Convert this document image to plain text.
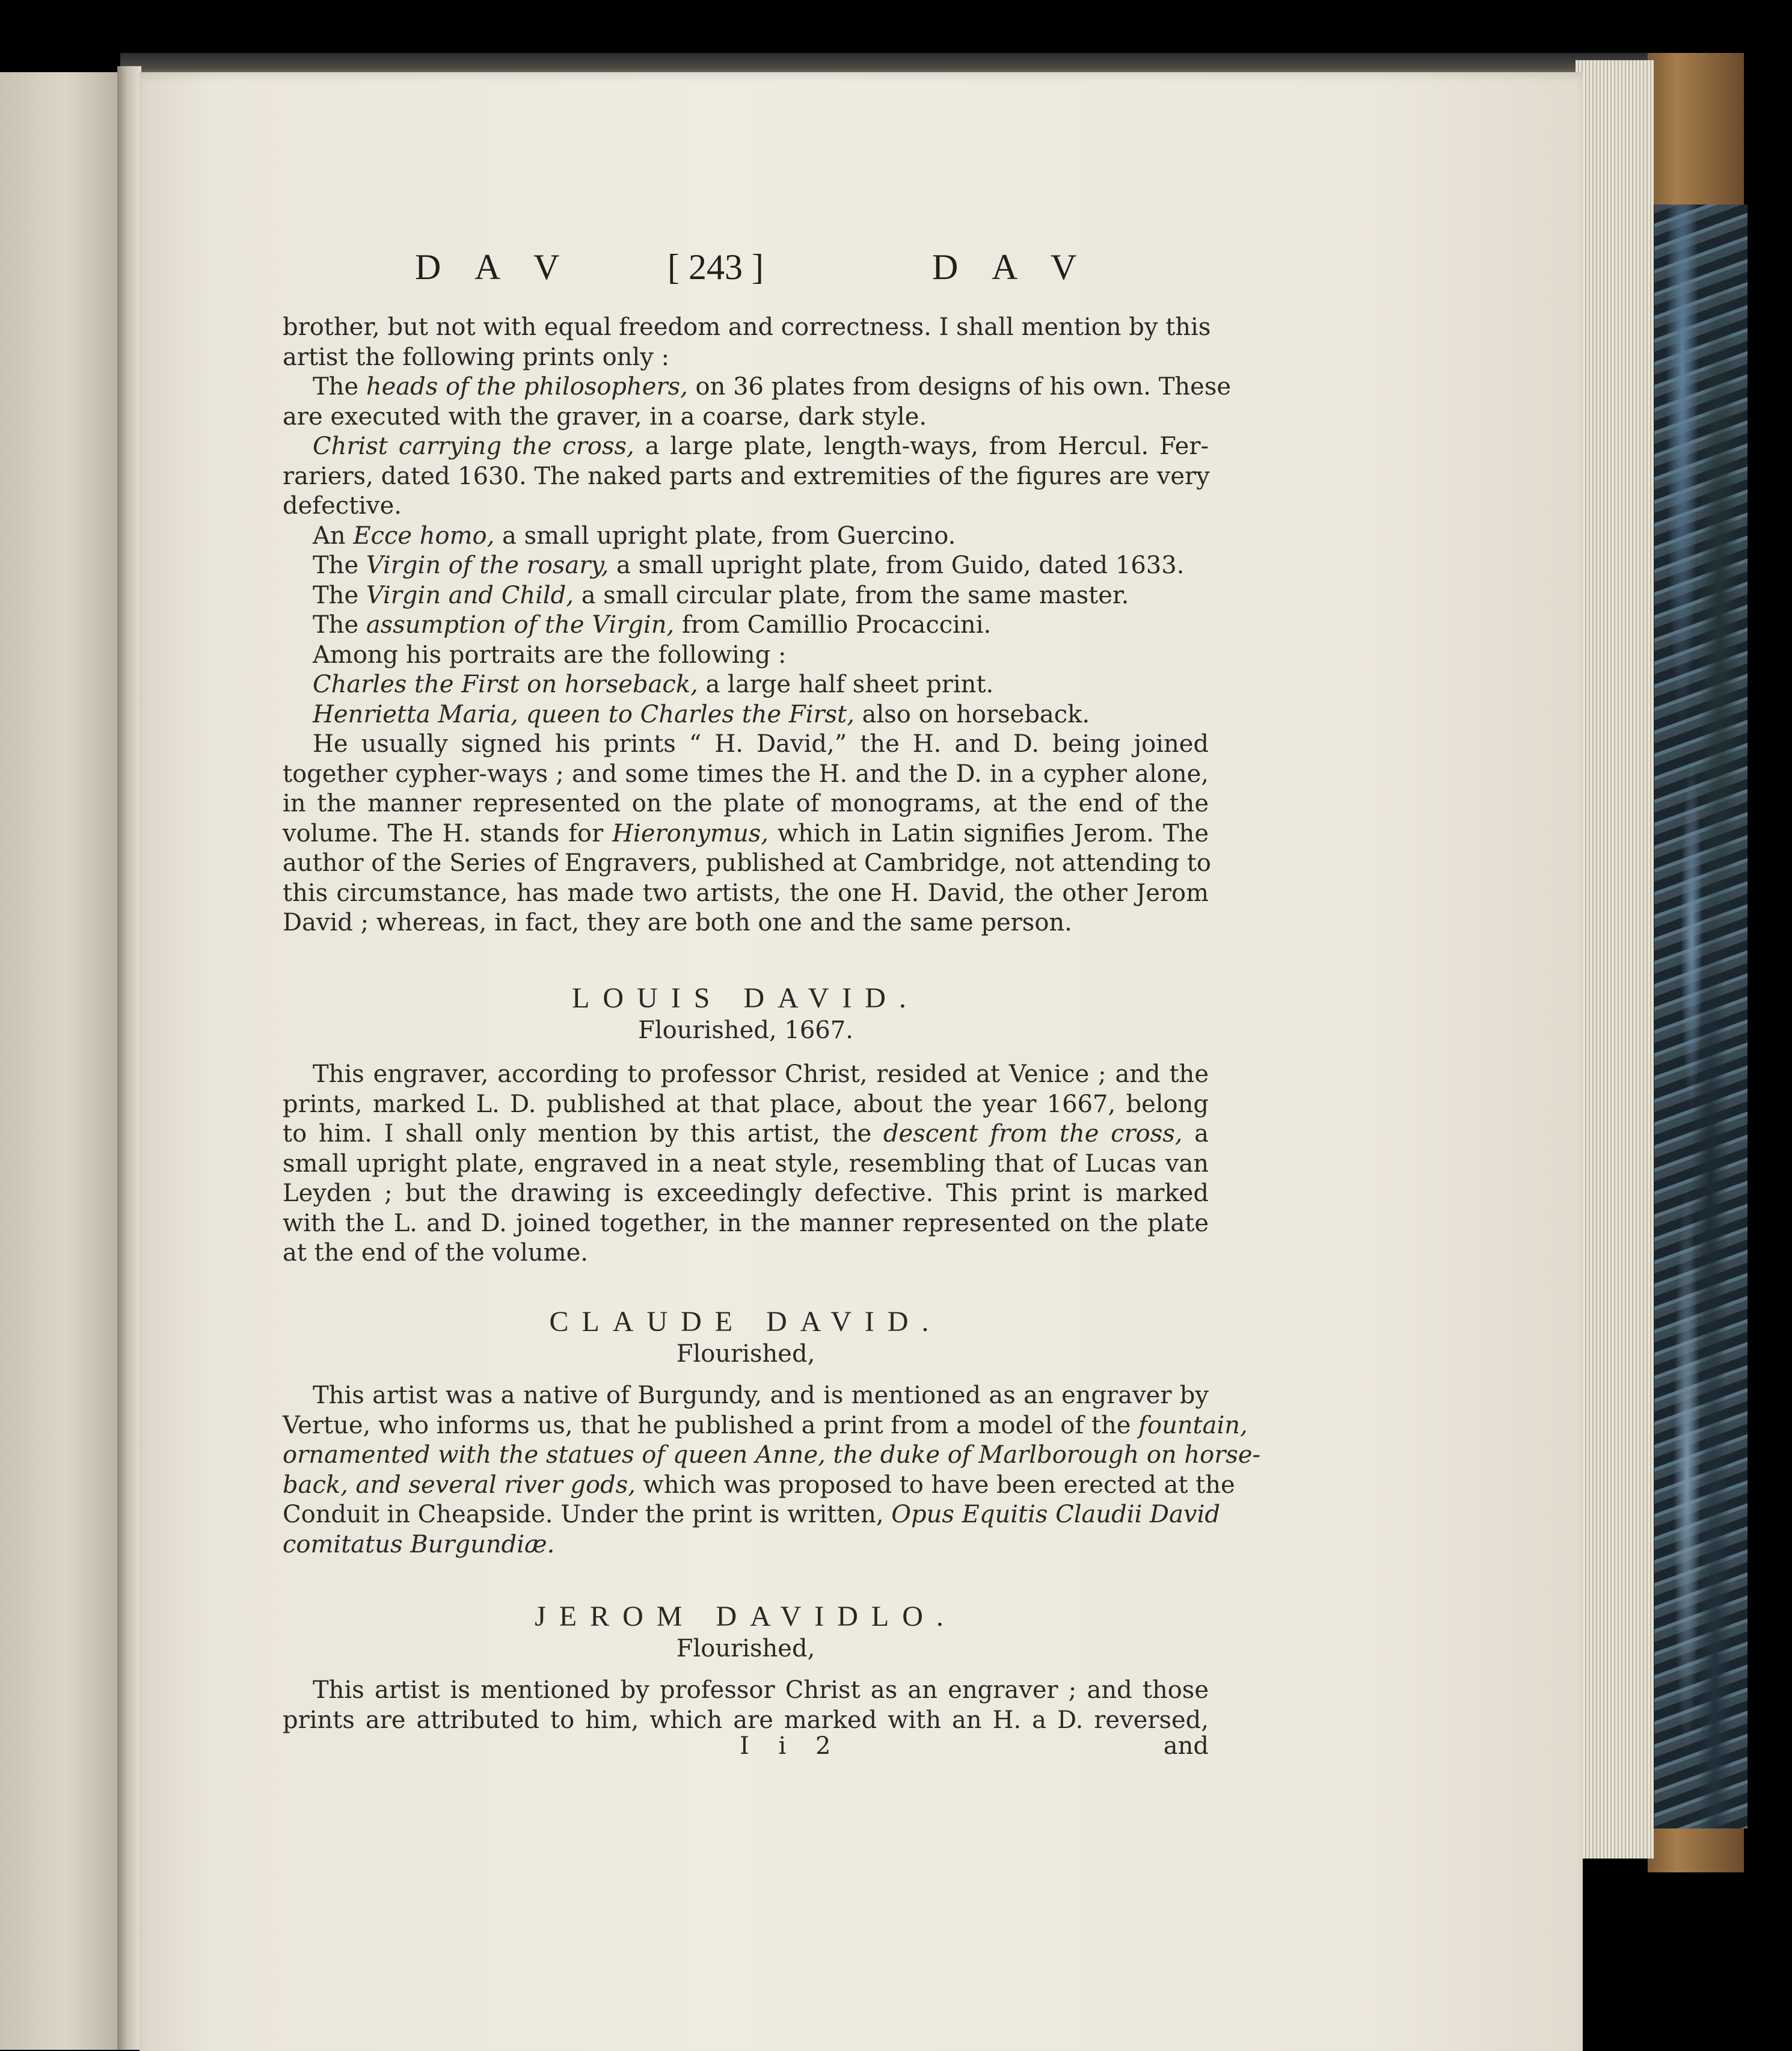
D A V	[ 243 ]	D A V
brother, but not with equal freedom and correctness. I shall mention by this
artist the following prints only :
The heads of the philosophers, on 36 plates from designs of his own. These
are executed with the graver, in a coarse, dark style.
Christ carrying the cross, a large plate, length-ways, from Hercul. Fer-
rariers, dated 1630. The naked parts and extremities of the figures are very
defective.
An Ecce homo, a small upright plate, from Guercino.
The Virgin of the rosary, a small upright plate, from Guido, dated 1633.
The Virgin and Child, a small circular plate, from the same master.
The assumption of the Virgin, from Camillio Procaccini.
Among his portraits are the following :
Charles the First on horseback, a large half sheet print.
Henrietta Maria, queen to Charles the First, also on horseback.
He usually signed his prints “ H. David,” the H. and D. being joined
together cypher-ways ; and some times the H. and the D. in a cypher alone,
in the manner represented on the plate of monograms, at the end of the
volume. The H. stands for Hieronymus, which in Latin signifies Jerom. The
author of the Series of Engravers, published at Cambridge, not attending to
this circumstance, has made two artists, the one H. David, the other Jerom
David ; whereas, in fact, they are both one and the same person.
LOUIS DAVID.
Flourished, 1667.
This engraver, according to professor Christ, resided at Venice ; and the
prints, marked L. D. published at that place, about the year 1667, belong
to him. I shall only mention by this artist, the descent from the cross, a
small upright plate, engraved in a neat style, resembling that of Lucas van
Leyden ; but the drawing is exceedingly defective. This print is marked
with the L. and D. joined together, in the manner represented on the plate
at the end of the volume.
CLAUDE DAVID.
Flourished,
This artist was a native of Burgundy, and is mentioned as an engraver by
Vertue, who informs us, that he published a print from a model of the fountain,
ornamented with the statues of queen Anne, the duke of Marlborough on horse-
back, and several river gods, which was proposed to have been erected at the
Conduit in Cheapside. Under the print is written, Opus Equitis Claudii David
comitatus Burgundiæ.
JEROM DAVIDLO.
Flourished,
This artist is mentioned by professor Christ as an engraver ; and those
prints are attributed to him, which are marked with an H. a D. reversed,
I i 2	and
